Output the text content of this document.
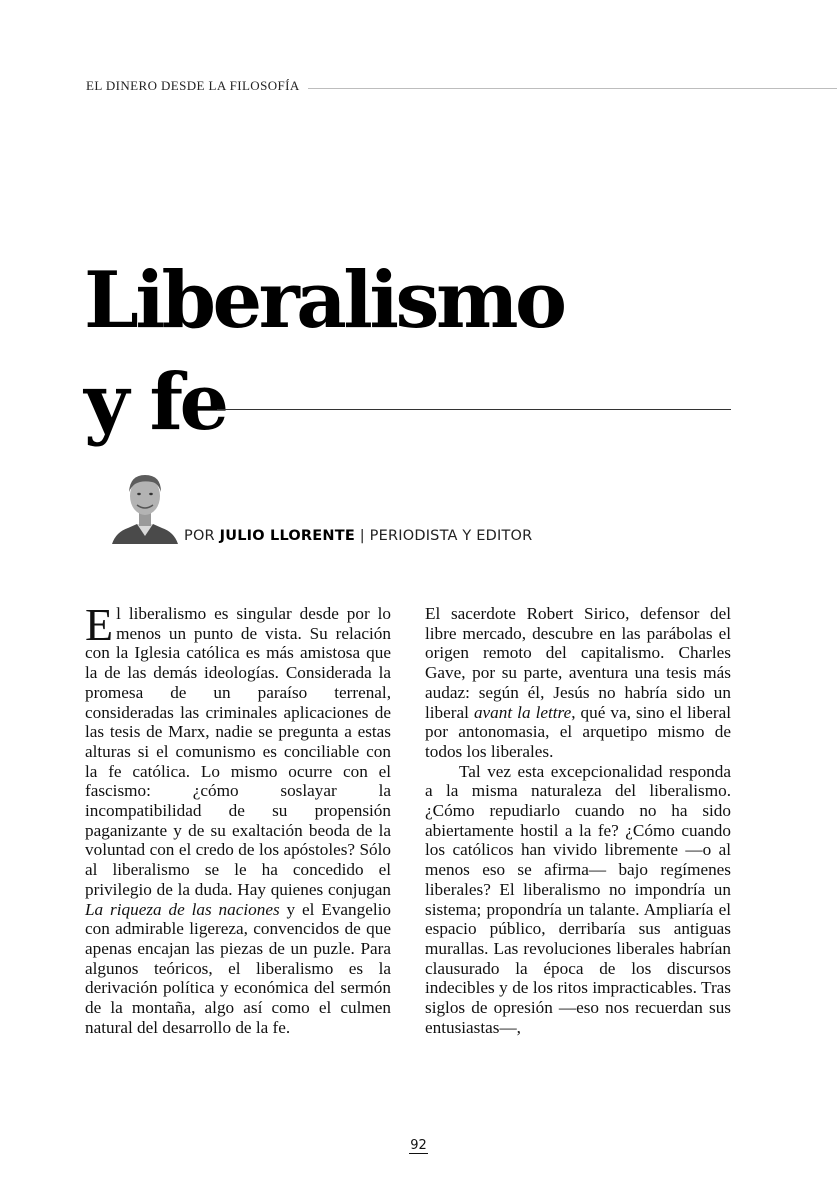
EL DINERO DESDE LA FILOSOFÍA
Liberalismo
y fe
POR JULIO LLORENTE | PERIODISTA Y EDITOR

El liberalismo es singular desde por lo menos un punto de vista. Su relación con la Iglesia católica es más amistosa que la de las demás ideologías. Considerada la promesa de un paraíso terrenal, consideradas las criminales aplicaciones de las tesis de Marx, nadie se pregunta a estas alturas si el comunismo es conciliable con la fe católica. Lo mismo ocurre con el fascismo: ¿cómo soslayar la incompatibilidad de su propensión paganizante y de su exaltación beoda de la voluntad con el credo de los apóstoles? Sólo al liberalismo se le ha concedido el privilegio de la duda. Hay quienes conjugan La riqueza de las naciones y el Evangelio con admirable ligereza, convencidos de que apenas encajan las piezas de un puzle. Para algunos teóricos, el liberalismo es la derivación política y económica del sermón de la montaña, algo así como el culmen natural del desarrollo de la fe.

El sacerdote Robert Sirico, defensor del libre mercado, descubre en las parábolas el origen remoto del capitalismo. Charles Gave, por su parte, aventura una tesis más audaz: según él, Jesús no habría sido un liberal avant la lettre, qué va, sino el liberal por antonomasia, el arquetipo mismo de todos los liberales.

Tal vez esta excepcionalidad responda a la misma naturaleza del liberalismo. ¿Cómo repudiarlo cuando no ha sido abiertamente hostil a la fe? ¿Cómo cuando los católicos han vivido libremente —o al menos eso se afirma— bajo regímenes liberales? El liberalismo no impondría un sistema; propondría un talante. Ampliaría el espacio público, derribaría sus antiguas murallas. Las revoluciones liberales habrían clausurado la época de los discursos indecibles y de los ritos impracticables. Tras siglos de opresión —eso nos recuerdan sus entusiastas—,

92
